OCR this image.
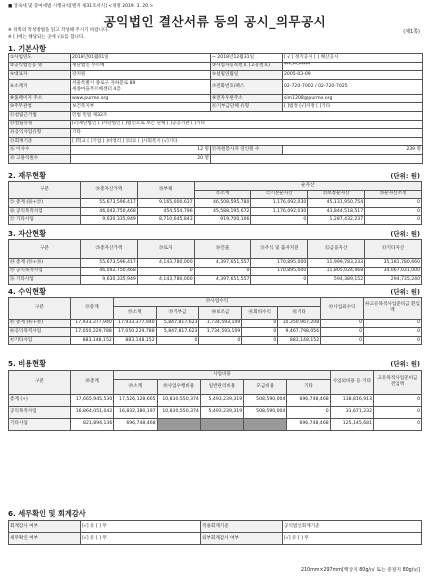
■ 상속세 및 증여세법 시행규칙[별지 제31호서식] <개정 2019. 3. 20.>
공익법인 결산서류 등의 공시_의무공시
※ 뒤쪽의 작성방법을 읽고 작성해 주시기 바랍니다.
※ [ ]에는 해당되는 곳에 √표를 합니다.
(제1쪽)
1. 기본사항
①사업연도	2018년01월01일	~ 2018년12월31일	[ √ ] 정기공시 [ ] 해산공시
②공익법인등 명	재단법인 푸르메	③사업자등록번호 (고유번호)	***-**-*****
④대표자	강지원	⑤설립연월일	2005-03-09
⑥소재지	서울특별시 종로구 자하문로 89
세종마을푸르메센터 4층	⑦전화번호/팩스	02-720-7002 / 02-720-7025
⑧홈페이지 주소	www.purme.org	⑨전자우편주소	sim1208@purme.org
⑩주무관청	보건복지부	⑪기부금단체 유형	[ ]법정 [√]지정 [ ]기타
⑫설립근거법	민법 민법 제32조		
⑬설립유형	[√]재단법인 [ ]사단법인 [ ]법인으로 보는 단체 [ ]공공기관 [ ]기타		
⑭공익사업유형	기타		
⑮회계기준	[ ]학교 [ ]기업 [ ]비영리 [ ]의료 [ ]사회복지 [√]기타		
⑯ 이사수	12 명	⑰자원봉사자 연인원 수	239 명
⑱ 고용직원수	20 명		
2. 재무현황	(단위: 원)
구분	⑲총자산가액	⑳부채	순자산			
			㉑소계	㉒기본순자산	㉓보통순자산	㉔순자산조정
㉕ 총계 (㉖+㉗)	55,673,596,417	9,165,000,637	46,508,595,780	1,176,092,030	45,131,950,754	0
㉖ 공익목적사업	46,042,750,468	454,554,796	45,588,195,672	1,176,092,030	43,844,518,517	0
㉗ 기타사업	9,630,335,949	8,710,645,843	919,700,106	0	1,287,432,237	0
3. 자산현황	(단위: 원)
구분	㉘총자산가액	㉙토지	㉚건물	㉛주식 및 출자지분	㉜금융자산	㉝기타자산
㉞ 총계 (㉟+㊱)	55,673,596,417	4,143,780,000	4,397,651,557	170,895,000	11,999,783,233	35,181,780,660
㉟ 공익목적사업	46,042,750,468	0	0	170,895,000	11,805,024,468	34,067,031,000
㊱ 기타사업	9,630,335,949	4,143,780,000	4,397,651,557	0	594,389,152	294,735,240
4. 수익현황	(단위: 원)
구분	㊲총계	㊴사업수익					㊸사업외수익	㊹고유목적사업준비금 환입액
		㊳소계	㊴기부금	㊵보조금	㊶회비수익	㊷기타		
㊺ 총계 (㊻+㊼)	17,933,377,940	17,933,377,940	5,847,817,623	1,734,593,109	0	10,350,967,208	0	0
㊻공익목적사업	17,050,229,788	17,050,229,788	5,847,817,623	1,734,593,109	0	9,467,798,056	0	0
㊼기타사업	883,148,152	883,148,152	0	0	0	883,148,152	0	0
5. 비용현황	(단위: 원)
구분	㊽총계	사업비용					사업외비용 등 기타	고유목적사업준비금 전입액
		㊾소계	㊿사업수행비용	일반관리비용	모금비용	기타		
총계 (+)	17,665,945,530	17,526,128,665	10,830,550,374	5,493,239,319	508,590,004	696,748,468	138,816,913	0
공익목적사업	16,864,051,042	16,832,380,197	10,830,550,374	5,493,239,319	508,590,004	0	31,671,232	0
기타사업	821,894,136	696,748,468				696,748,468	125,145,681	0
6. 세무확인 및 회계감사
회계감사 여부	[√] 유 [ ] 무	적용회계기준	공익법인회계기준
세무확인 여부	[√] 유 [ ] 무	외부회계감사 여부	[√] 유 [ ] 무
210mm×297mm[백상지 80g/㎡ 또는 중질지 80g/㎡]
